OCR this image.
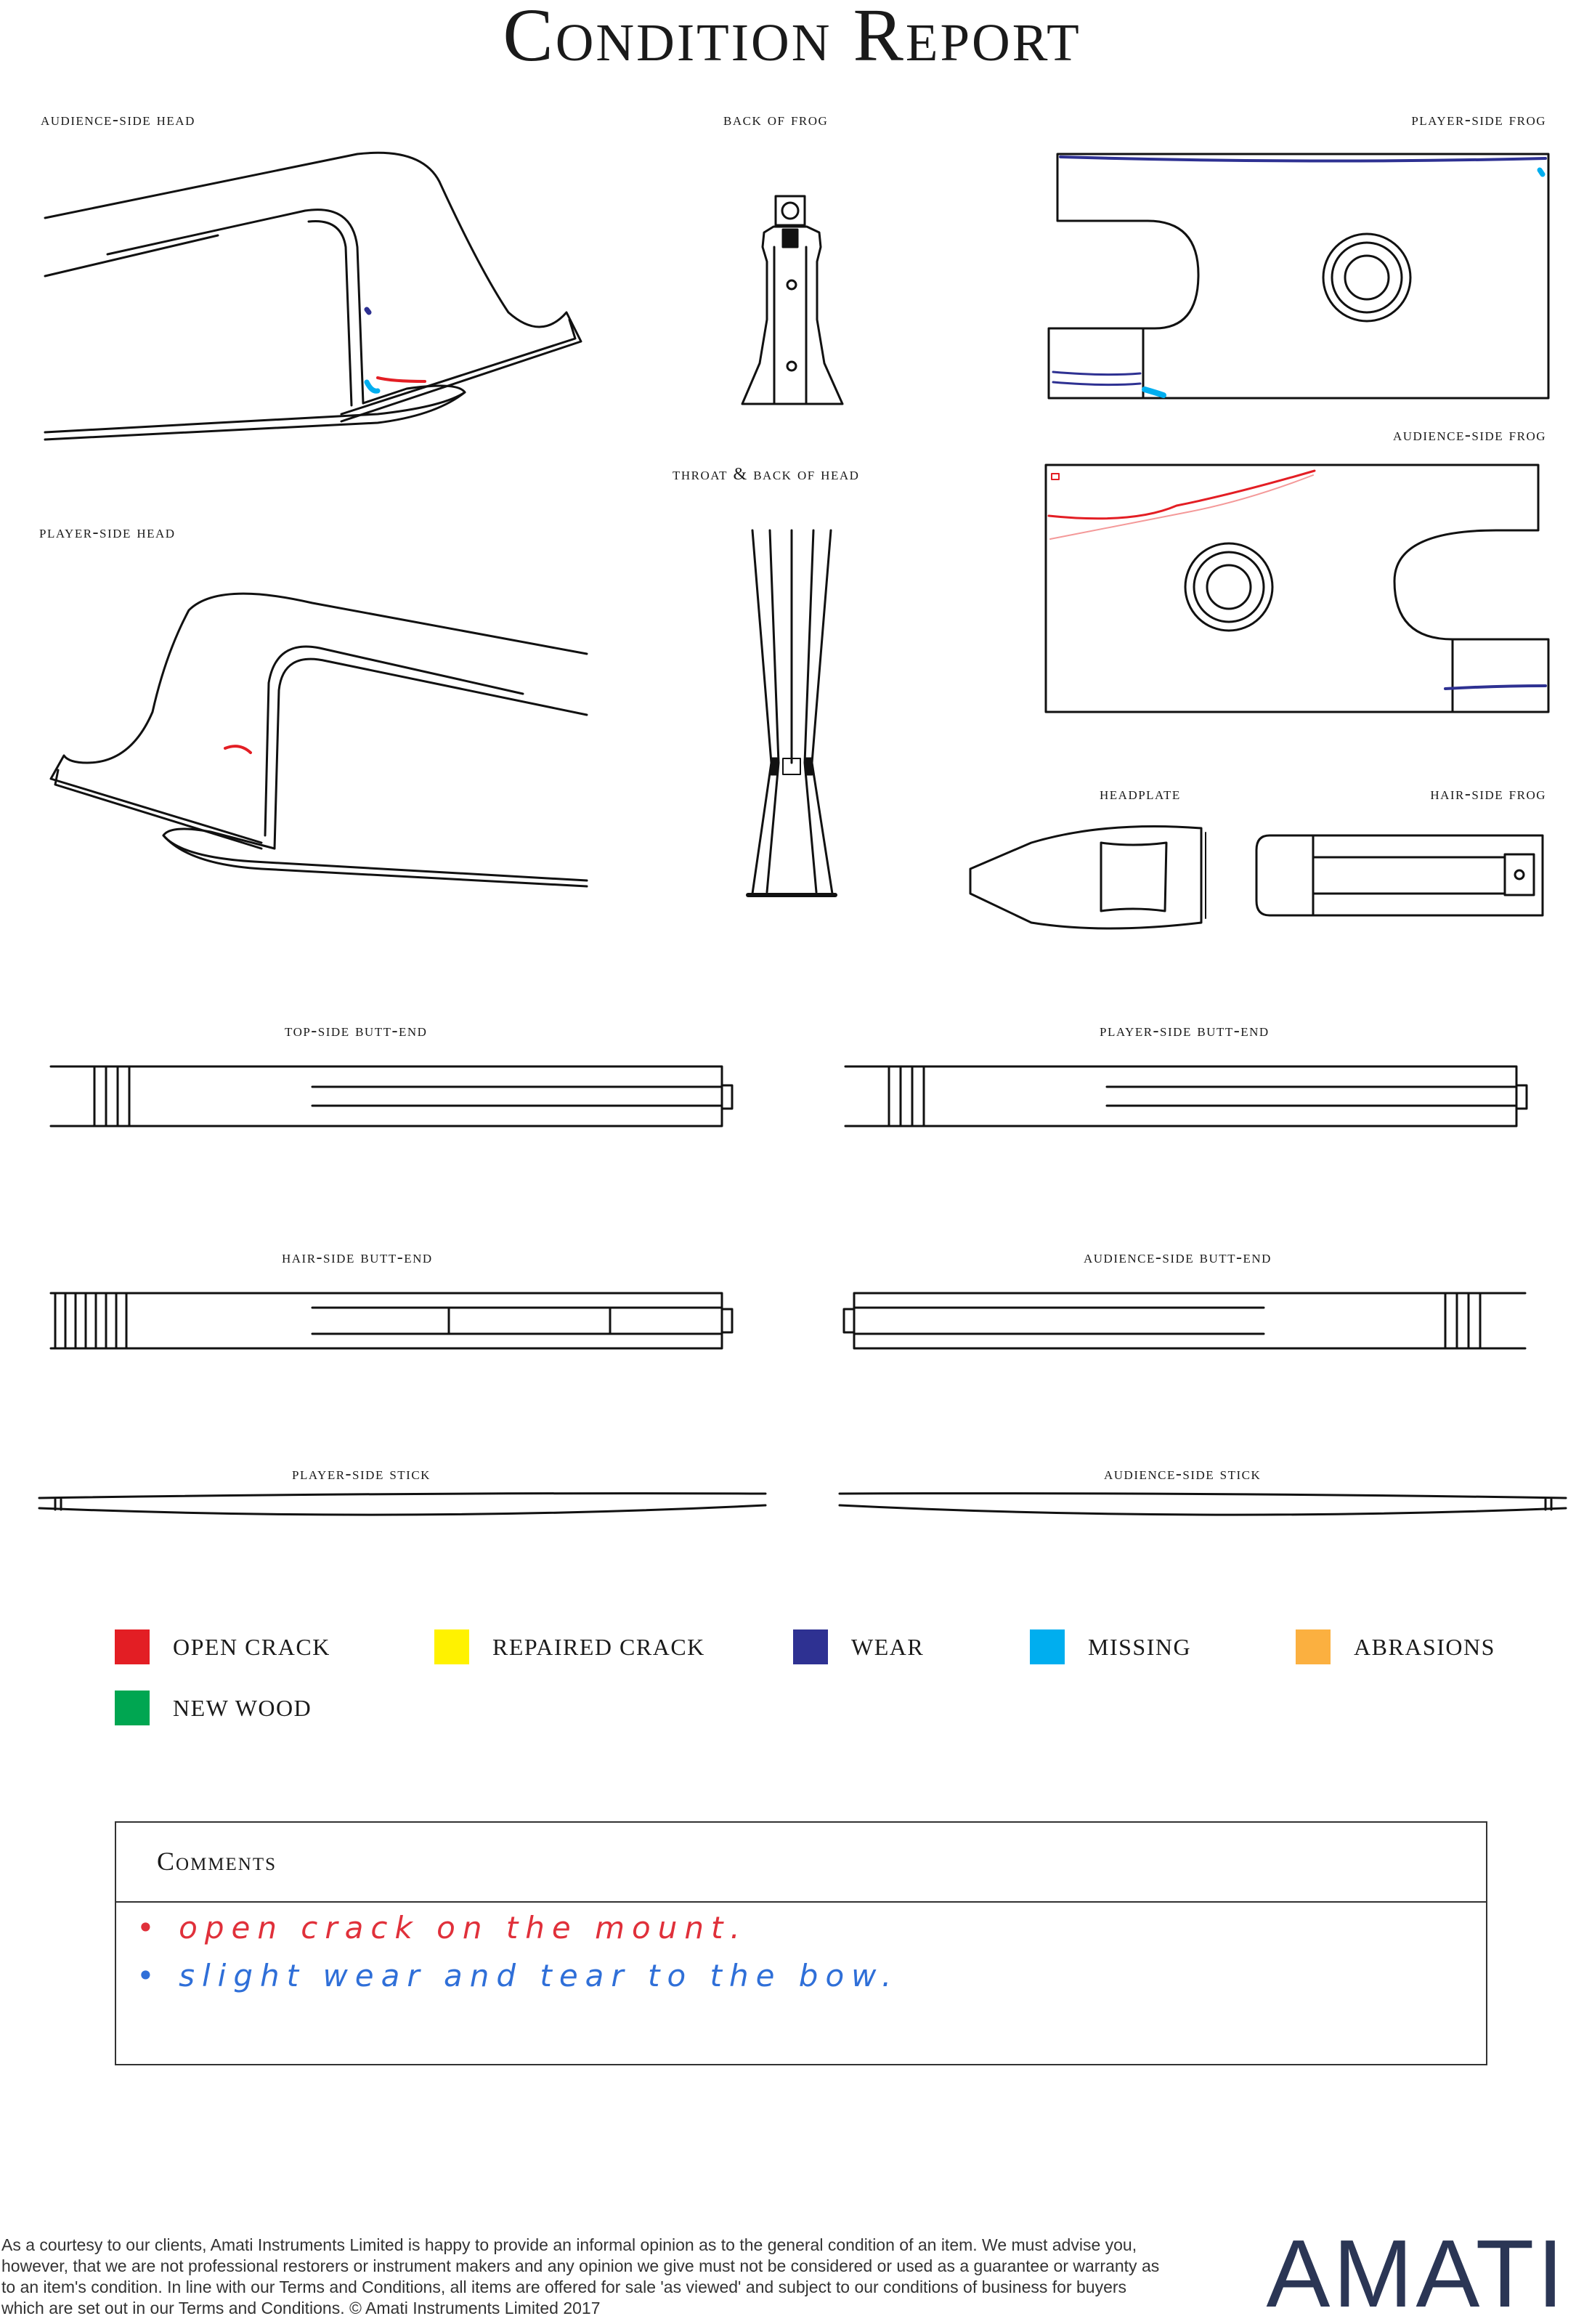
Condition Report
audience-side head	back of frog	player-side frog
audience-side frog
throat & back of head
player-side head
headplate	hair-side frog
top-side butt-end	player-side butt-end
hair-side butt-end	audience-side butt-end
player-side stick	audience-side stick
OPEN CRACK	REPAIRED CRACK	WEAR	MISSING	ABRASIONS
NEW WOOD
Comments
• open crack on the mount.
• slight wear and tear to the bow.
As a courtesy to our clients, Amati Instruments Limited is happy to provide an informal opinion as to the general condition of an item. We must advise you, however, that we are not professional restorers or instrument makers and any opinion we give must not be considered or used as a guarantee or warranty as to an item's condition. In line with our Terms and Conditions, all items are offered for sale 'as viewed' and subject to our conditions of business for buyers which are set out in our Terms and Conditions. © Amati Instruments Limited 2017	AMATI
